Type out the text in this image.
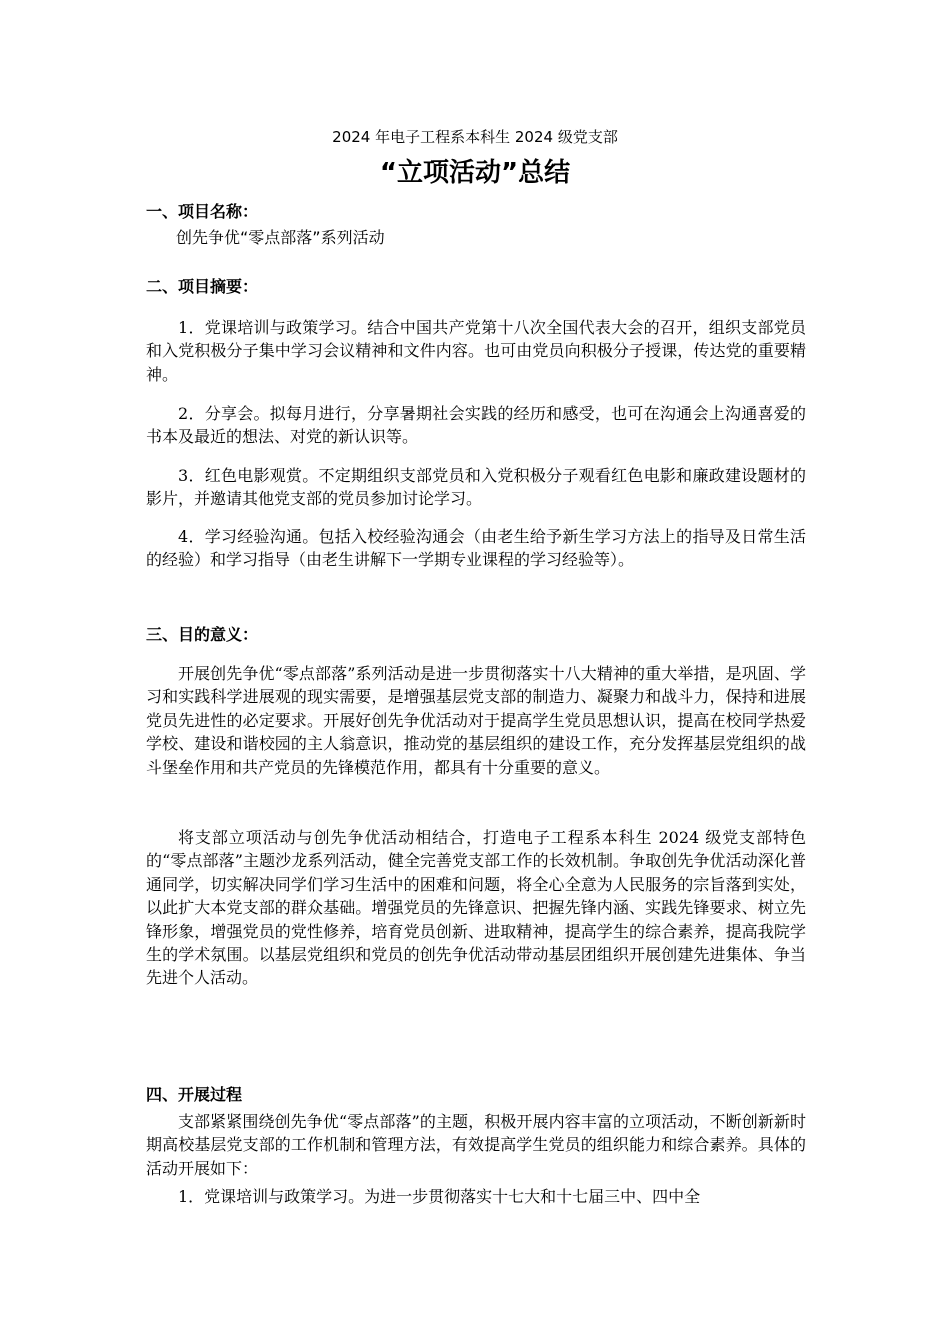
2024 年电子工程系本科生 2024 级党支部
“立项活动”总结
一、项目名称：
创先争优“零点部落”系列活动
二、项目摘要：

1．党课培训与政策学习。结合中国共产党第十八次全国代表大会的召开，组织支部党员和入党积极分子集中学习会议精神和文件内容。也可由党员向积极分子授课，传达党的重要精神。

2．分享会。拟每月进行，分享暑期社会实践的经历和感受，也可在沟通会上沟通喜爱的书本及最近的想法、对党的新认识等。

3．红色电影观赏。不定期组织支部党员和入党积极分子观看红色电影和廉政建设题材的影片，并邀请其他党支部的党员参加讨论学习。

4．学习经验沟通。包括入校经验沟通会（由老生给予新生学习方法上的指导及日常生活的经验）和学习指导（由老生讲解下一学期专业课程的学习经验等）。

三、目的意义：

开展创先争优“零点部落”系列活动是进一步贯彻落实十八大精神的重大举措，是巩固、学习和实践科学进展观的现实需要，是增强基层党支部的制造力、凝聚力和战斗力，保持和进展党员先进性的必定要求。开展好创先争优活动对于提高学生党员思想认识，提高在校同学热爱学校、建设和谐校园的主人翁意识，推动党的基层组织的建设工作，充分发挥基层党组织的战斗堡垒作用和共产党员的先锋模范作用，都具有十分重要的意义。

将支部立项活动与创先争优活动相结合，打造电子工程系本科生 2024 级党支部特色的“零点部落”主题沙龙系列活动，健全完善党支部工作的长效机制。争取创先争优活动深化普通同学，切实解决同学们学习生活中的困难和问题，将全心全意为人民服务的宗旨落到实处，以此扩大本党支部的群众基础。增强党员的先锋意识、把握先锋内涵、实践先锋要求、树立先锋形象，增强党员的党性修养，培育党员创新、进取精神，提高学生的综合素养，提高我院学生的学术氛围。以基层党组织和党员的创先争优活动带动基层团组织开展创建先进集体、争当先进个人活动。

四、开展过程

支部紧紧围绕创先争优“零点部落”的主题，积极开展内容丰富的立项活动，不断创新新时期高校基层党支部的工作机制和管理方法，有效提高学生党员的组织能力和综合素养。具体的活动开展如下：

1．党课培训与政策学习。为进一步贯彻落实十七大和十七届三中、四中全
